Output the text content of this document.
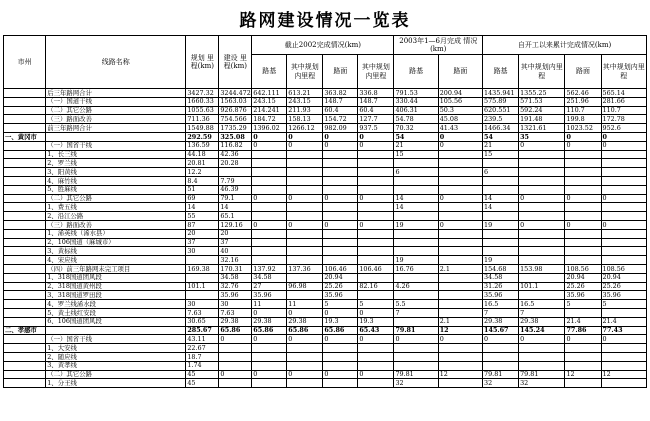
路网建设情况一览表
市州	线路名称	规划 里程(km)	建设 里程(km)	截止2002完成情况(km)				2003年1—6月完成 情况(km)		自开工以来累计完成情况(km)			
				路基	其中规划内里程	路面	其中规划内里程	路基	路面	路基	其中规划内里程	路面	其中规划内里程
	后三年路网合计	3427.32	3244.472	642.111	613.21	363.82	336.8	791.53	200.94	1435.941	1355.25	562.46	565.14
	（一）国道干线	1660.33	1563.03	243.15	243.15	148.7	148.7	330.44	105.56	575.89	571.53	251.96	281.66
	（二）其它公路	1055.63	926.876	214.241	211.93	60.4	60.4	406.31	50.3	620.551	592.24	110.7	110.7
	（三）路面改善	711.36	754.566	184.72	158.13	154.72	127.7	54.78	45.08	239.5	191.48	199.8	172.78
	前三年路网合计	1549.88	1735.29	1396.02	1266.12	982.09	937.5	70.32	41.43	1466.34	1321.61	1023.52	952.6
一、黄冈市		292.59	325.08	0	0	0	0	54	0	54	35	0	0
	（一）国省干线	136.59	116.82	0	0	0	0	21	0	21	0	0	0
	1、长三线	44.18	42.36					15		15			
	2、罗兰线	20.81	20.28										
	3、阳黄线	12.2						6		6			
	4、麻竹线	8.4	7.79										
	5、胜麻线	51	46.39										
	（二）其它公路	69	79.1	0	0	0	0	14	0	14	0	0	0
	1、费五线	14	14					14		14			
	2、沿江公路	55	65.1										
	（三）路面改善	87	129.16	0	0	0	0	19	0	19	0	0	0
	1、浠英线（浠水县）	20	20										
	2、106国道（麻城市）	37	37										
	3、黄标线	30	40										
	4、宋应线		32.16					19		19			
	（四）前三年路网未完工项目	169.38	170.31	137.92	137.36	106.46	106.46	16.76	2.1	154.68	153.98	108.56	108.56
	1、318国道团风段		34.58	34.58		20.94				34.58		20.94	20.94
	2、318国道黄州段	101.1	32.76	27	96.98	25.26	82.16	4.26		31.26	101.1	25.26	25.26
	3、318国道罗田段		35.96	35.96		35.96				35.96		35.96	35.96
	4、罗兰线浠水段	30	30	11	11	5	5	5.5		16.5	16.5	5	5
	5、黄土线红安段	7.63	7.63	0	0	0	0	7		7	7		
	6、106国道团风段	30.65	29.38	29.38	29.38	19.3	19.3		2.1	29.38	29.38	21.4	21.4
二、孝感市		285.67	65.86	65.86	65.86	65.86	65.43	79.81	12	145.67	145.24	77.86	77.43
	（一）国省干线	43.11	0	0	0	0	0	0	0	0	0	0	0
	1、大安线	22.67											
	2、随应线	18.7											
	3、黄孝线	1.74											
	（二）其它公路	45	0	0	0	0	0	79.81	12	79.81	79.81	12	12
	1、分王线	45						32		32	32		
